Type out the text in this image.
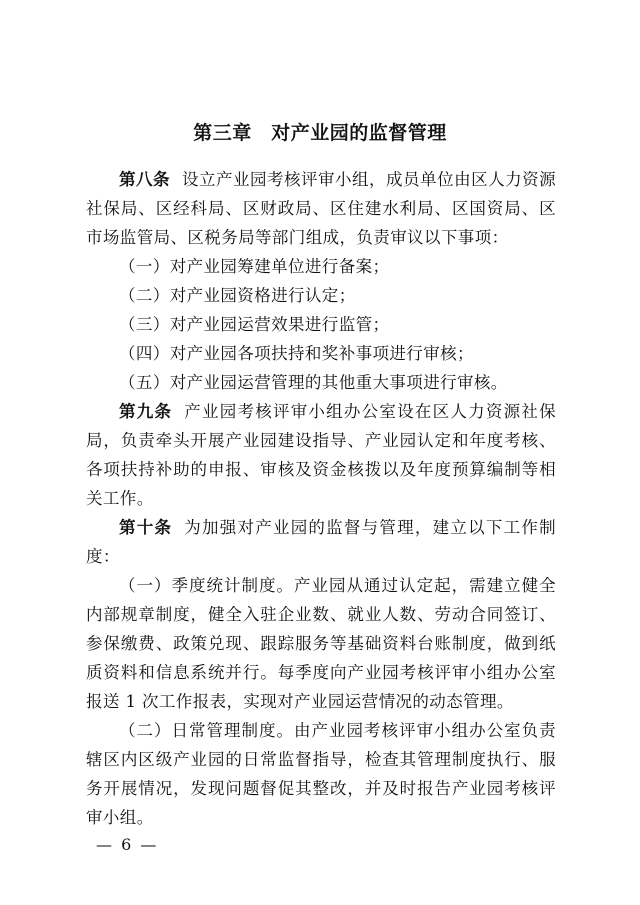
第三章　对产业园的监督管理

第八条 设立产业园考核评审小组，成员单位由区人力资源社保局、区经科局、区财政局、区住建水利局、区国资局、区市场监管局、区税务局等部门组成，负责审议以下事项：

（一）对产业园筹建单位进行备案；

（二）对产业园资格进行认定；

（三）对产业园运营效果进行监管；

（四）对产业园各项扶持和奖补事项进行审核；

（五）对产业园运营管理的其他重大事项进行审核。

第九条 产业园考核评审小组办公室设在区人力资源社保局，负责牵头开展产业园建设指导、产业园认定和年度考核、各项扶持补助的申报、审核及资金核拨以及年度预算编制等相关工作。

第十条 为加强对产业园的监督与管理，建立以下工作制度：

（一）季度统计制度。产业园从通过认定起，需建立健全内部规章制度，健全入驻企业数、就业人数、劳动合同签订、参保缴费、政策兑现、跟踪服务等基础资料台账制度，做到纸质资料和信息系统并行。每季度向产业园考核评审小组办公室报送 1 次工作报表，实现对产业园运营情况的动态管理。

（二）日常管理制度。由产业园考核评审小组办公室负责辖区内区级产业园的日常监督指导，检查其管理制度执行、服务开展情况，发现问题督促其整改，并及时报告产业园考核评审小组。

— 6 —
